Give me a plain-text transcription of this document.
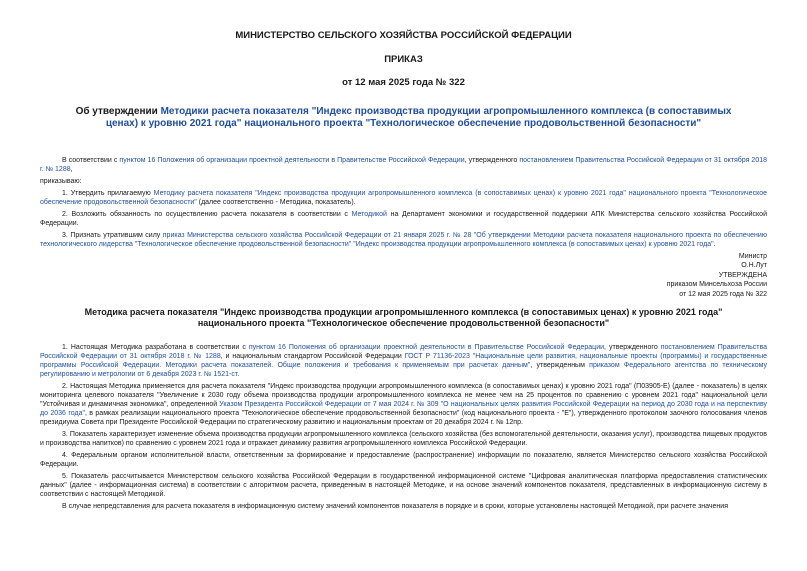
МИНИСТЕРСТВО СЕЛЬСКОГО ХОЗЯЙСТВА РОССИЙСКОЙ ФЕДЕРАЦИИ
ПРИКАЗ
от 12 мая 2025 года № 322
Об утверждении Методики расчета показателя "Индекс производства продукции агропромышленного комплекса (в сопоставимых ценах) к уровню 2021 года" национального проекта "Технологическое обеспечение продовольственной безопасности"

В соответствии с пунктом 16 Положения об организации проектной деятельности в Правительстве Российской Федерации, утвержденного постановлением Правительства Российской Федерации от 31 октября 2018 г. № 1288,

приказываю:

1. Утвердить прилагаемую Методику расчета показателя "Индекс производства продукции агропромышленного комплекса (в сопоставимых ценах) к уровню 2021 года" национального проекта "Технологическое обеспечение продовольственной безопасности" (далее соответственно - Методика, показатель).

2. Возложить обязанность по осуществлению расчета показателя в соответствии с Методикой на Департамент экономики и государственной поддержки АПК Министерства сельского хозяйства Российской Федерации.

3. Признать утратившим силу приказ Министерства сельского хозяйства Российской Федерации от 21 января 2025 г. № 28 "Об утверждении Методики расчета показателя национального проекта по обеспечению технологического лидерства "Технологическое обеспечение продовольственной безопасности" "Индекс производства продукции агропромышленного комплекса (в сопоставимых ценах) к уровню 2021 года".

Министр
О.Н.Лут
УТВЕРЖДЕНА
приказом Минсельхоза России
от 12 мая 2025 года № 322
Методика расчета показателя "Индекс производства продукции агропромышленного комплекса (в сопоставимых ценах) к уровню 2021 года" национального проекта "Технологическое обеспечение продовольственной безопасности"

1. Настоящая Методика разработана в соответствии с пунктом 16 Положения об организации проектной деятельности в Правительстве Российской Федерации, утвержденного постановлением Правительства Российской Федерации от 31 октября 2018 г. № 1288, и национальным стандартом Российской Федерации ГОСТ Р 71136-2023 "Национальные цели развития, национальные проекты (программы) и государственные программы Российской Федерации. Методики расчета показателей. Общие положения и требования к применяемым при расчетах данным", утвержденным приказом Федерального агентства по техническому регулированию и метрологии от 6 декабря 2023 г. № 1521-ст.

2. Настоящая Методика применяется для расчета показателя "Индекс производства продукции агропромышленного комплекса (в сопоставимых ценах) к уровню 2021 года" (П03905-Е) (далее - показатель) в целях мониторинга целевого показателя "Увеличение к 2030 году объема производства продукции агропромышленного комплекса не менее чем на 25 процентов по сравнению с уровнем 2021 года" национальной цели "Устойчивая и динамичная экономика", определенной Указом Президента Российской Федерации от 7 мая 2024 г. № 309 "О национальных целях развития Российской Федерации на период до 2030 года и на перспективу до 2036 года", в рамках реализации национального проекта "Технологическое обеспечение продовольственной безопасности" (код национального проекта - "Е"), утвержденного протоколом заочного голосования членов президиума Совета при Президенте Российской Федерации по стратегическому развитию и национальным проектам от 20 декабря 2024 г. № 12пр.

3. Показатель характеризует изменение объема производства продукции агропромышленного комплекса (сельского хозяйства (без вспомогательной деятельности, оказания услуг), производства пищевых продуктов и производства напитков) по сравнению с уровнем 2021 года и отражает динамику развития агропромышленного комплекса Российской Федерации.

4. Федеральным органом исполнительной власти, ответственным за формирование и предоставление (распространение) информации по показателю, является Министерство сельского хозяйства Российской Федерации.

5. Показатель рассчитывается Министерством сельского хозяйства Российской Федерации в государственной информационной системе "Цифровая аналитическая платформа предоставления статистических данных" (далее - информационная система) в соответствии с алгоритмом расчета, приведенным в настоящей Методике, и на основе значений компонентов показателя, представленных в информационную систему в соответствии с настоящей Методикой.

В случае непредставления для расчета показателя в информационную систему значений компонентов показателя в порядке и в сроки, которые установлены настоящей Методикой, при расчете значения
